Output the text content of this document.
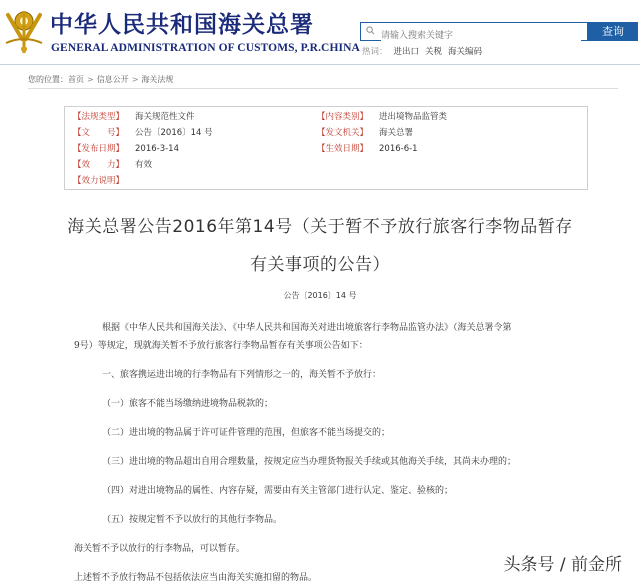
中华人民共和国海关总署
GENERAL ADMINISTRATION OF CUSTOMS, P.R.CHINA
请输入搜索关键字
查询
热词： 进出口 关税 海关编码
您的位置：首页 > 信息公开 > 海关法规
【法规类型】 海关规范性文件	【内容类别】 进出境物品监管类
【文　　号】 公告〔2016〕14 号	【发文机关】 海关总署
【发布日期】 2016-3-14	【生效日期】 2016-6-1
【效　　力】 有效
【效力说明】
海关总署公告2016年第14号（关于暂不予放行旅客行李物品暂存
有关事项的公告）
公告〔2016〕14 号
根据《中华人民共和国海关法》、《中华人民共和国海关对进出境旅客行李物品监管办法》（海关总署令第
9号）等规定，现就海关暂不予放行旅客行李物品暂存有关事项公告如下：
一、旅客携运进出境的行李物品有下列情形之一的，海关暂不予放行：
（一）旅客不能当场缴纳进境物品税款的；
（二）进出境的物品属于许可证件管理的范围，但旅客不能当场提交的；
（三）进出境的物品超出自用合理数量，按规定应当办理货物报关手续或其他海关手续，其尚未办理的；
（四）对进出境物品的属性、内容存疑，需要由有关主管部门进行认定、鉴定、验核的；
（五）按规定暂不予以放行的其他行李物品。
海关暂不予以放行的行李物品，可以暂存。
上述暂不予放行物品不包括依法应当由海关实施扣留的物品。
头条号 / 前金所
